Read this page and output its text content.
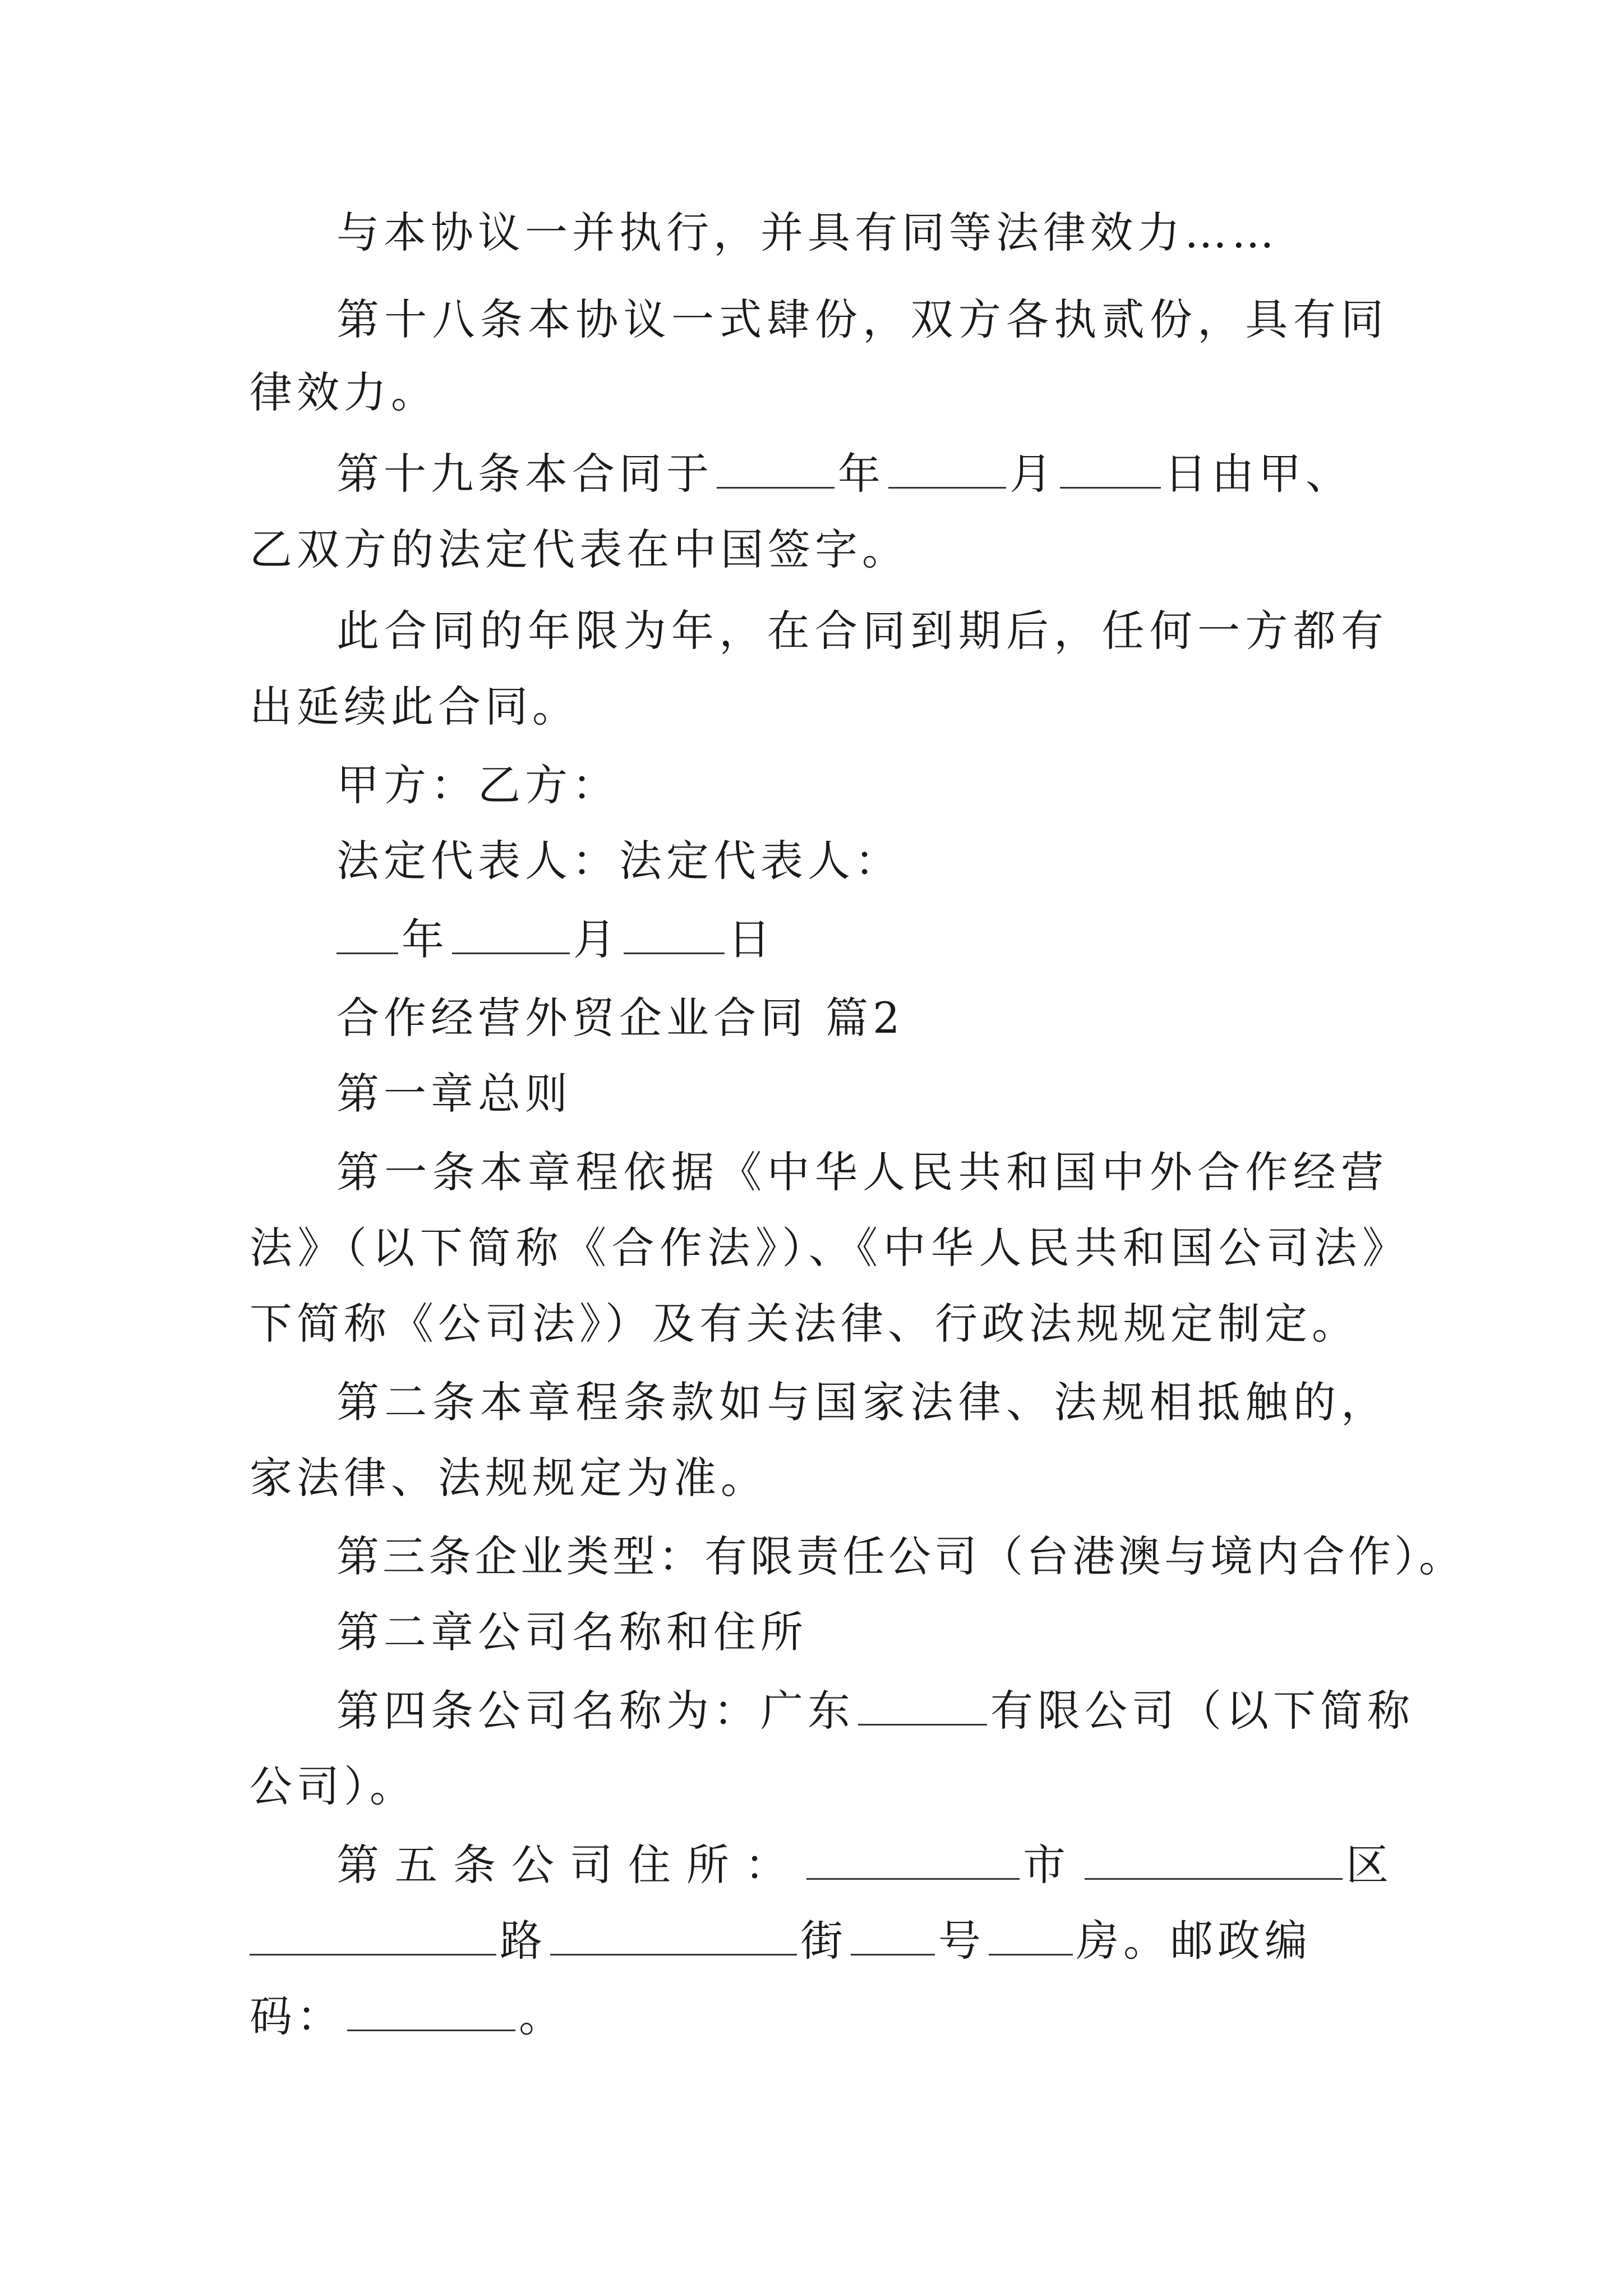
与本协议一并执行，并具有同等法律效力……
第十八条本协议一式肆份，双方各执贰份，具有同
律效力。
第十九条本合同于	年	月	日由甲、
乙双方的法定代表在中国签字。
此合同的年限为年，在合同到期后，任何一方都有
出延续此合同。
甲方：乙方：
法定代表人：法定代表人：
年	月	日
合作经营外贸企业合同 篇2
第一章总则
第一条本章程依据《中华人民共和国中外合作经营
法》（以下简称《合作法》）、《中华人民共和国公司法》
下简称《公司法》）及有关法律、行政法规规定制定。
第二条本章程条款如与国家法律、法规相抵触的，
家法律、法规规定为准。
第三条企业类型：有限责任公司（台港澳与境内合作）。
第二章公司名称和住所
第四条公司名称为：广东	有限公司（以下简称
公司）。
第五条公司住所：	市	区
路	街 号 房。邮政编
码：	。
